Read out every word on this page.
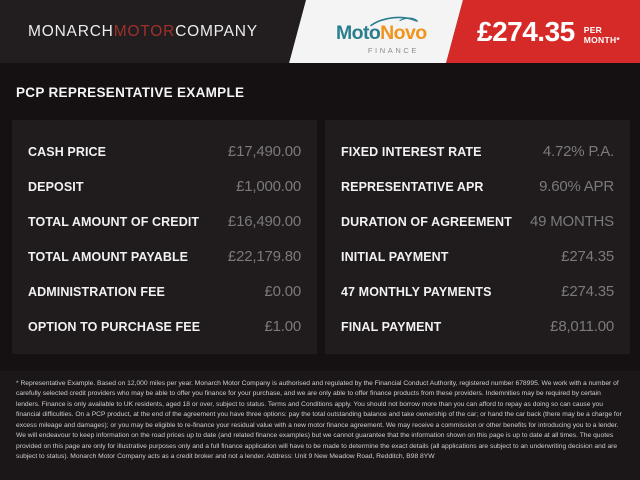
MONARCH MOTOR COMPANY	MotoNovo
FINANCE
£274.35 PER MONTH*
PCP REPRESENTATIVE EXAMPLE
CASH PRICE	£17,490.00
DEPOSIT	£1,000.00
TOTAL AMOUNT OF CREDIT £16,490.00
TOTAL AMOUNT PAYABLE	£22,179.80
ADMINISTRATION FEE	£0.00
OPTION TO PURCHASE FEE	£1.00
FIXED INTEREST RATE	4.72% P.A.
REPRESENTATIVE APR	9.60% APR
DURATION OF AGREEMENT 49 MONTHS
INITIAL PAYMENT	£274.35
47 MONTHLY PAYMENTS	£274.35
FINAL PAYMENT	£8,011.00
* Representative Example. Based on 12,000 miles per year. Monarch Motor Company is authorised and regulated by the Financial Conduct Authority, registered number 678995. We work with a number of carefully selected credit providers who may be able to offer you finance for your purchase, and we are only able to offer finance products from these providers. Indemnities may be required by certain lenders. Finance is only available to UK residents, aged 18 or over, subject to status. Terms and Conditions apply. You should not borrow more than you can afford to repay as doing so can cause you financial difficulties. On a PCP product, at the end of the agreement you have three options: pay the total outstanding balance and take ownership of the car; or hand the car back (there may be a charge for excess mileage and damages); or you may be eligible to re-finance your residual value with a new motor finance agreement. We may receive a commission or other benefits for introducing you to a lender. We will endeavour to keep information on the road prices up to date (and related finance examples) but we cannot guarantee that the information shown on this page is up to date at all times. The quotes provided on this page are only for illustrative purposes only and a full finance application will have to be made to determine the exact details (all applications are subject to an underwriting decision and are subject to status). Monarch Motor Company acts as a credit broker and not a lender. Address: Unit 9 New Meadow Road, Redditch, B98 8YW
